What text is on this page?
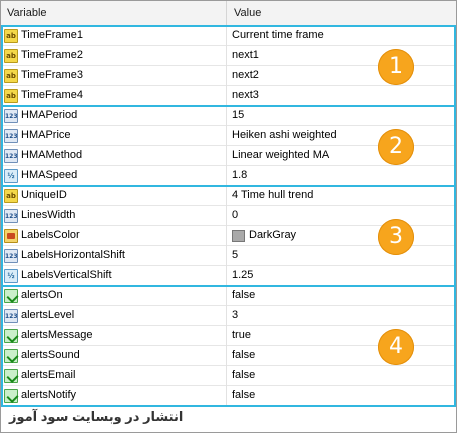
Variable	Value
ab TimeFrame1	Current time frame
ab TimeFrame2	next1
ab TimeFrame3	next2
ab TimeFrame4	next3
123 HMAPeriod	15
123 HMAPrice	Heiken ashi weighted
123 HMAMethod	Linear weighted MA
½ HMASpeed	1.8
ab UniqueID	4 Time hull trend
123 LinesWidth	0
LabelsColor	DarkGray
123 LabelsHorizontalShift	5
½ LabelsVerticalShift	1.25
alertsOn	false
123 alertsLevel	3
alertsMessage	true
alertsSound	false
alertsEmail	false
alertsNotify	false
انتشار در وبسایت سود آموز
1
2
3
4
